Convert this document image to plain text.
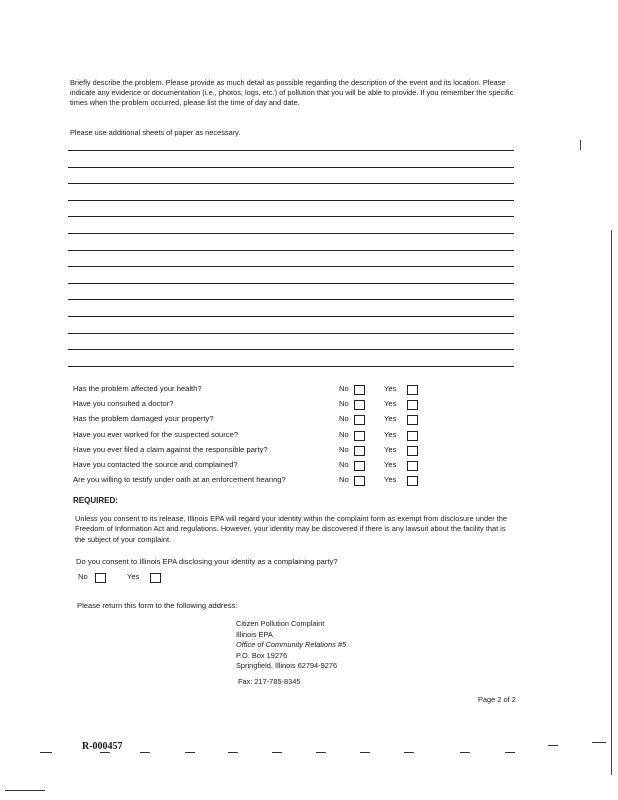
Briefly describe the problem. Please provide as much detail as possible regarding the description of the event and its location. Please indicate any evidence or documentation (i.e., photos, logs, etc.) of pollution that you will be able to provide. If you remember the specific times when the problem occurred, please list the time of day and date.

Please use additional sheets of paper as necessary.

Has the problem affected your health?	No	Yes
Have you consulted a doctor?	No	Yes
Has the problem damaged your property?	No	Yes
Have you ever worked for the suspected source?	No	Yes
Have you ever filed a claim against the responsible party?	No	Yes
Have you contacted the source and complained?	No	Yes
Are you willing to testify under oath at an enforcement hearing?	No	Yes
REQUIRED:

Unless you consent to its release, Illinois EPA will regard your identity within the complaint form as exempt from disclosure under the Freedom of Information Act and regulations. However, your identity may be discovered if there is any lawsuit about the facility that is the subject of your complaint.

Do you consent to Illinois EPA disclosing your identity as a complaining party?
No	Yes
Please return this form to the following address:
Citizen Pollution Complaint
Illinois EPA
Office of Community Relations #5
P.O. Box 19276
Springfield, Illinois 62794-9276
Fax: 217-785-8345
Page 2 of 2
R-000457
